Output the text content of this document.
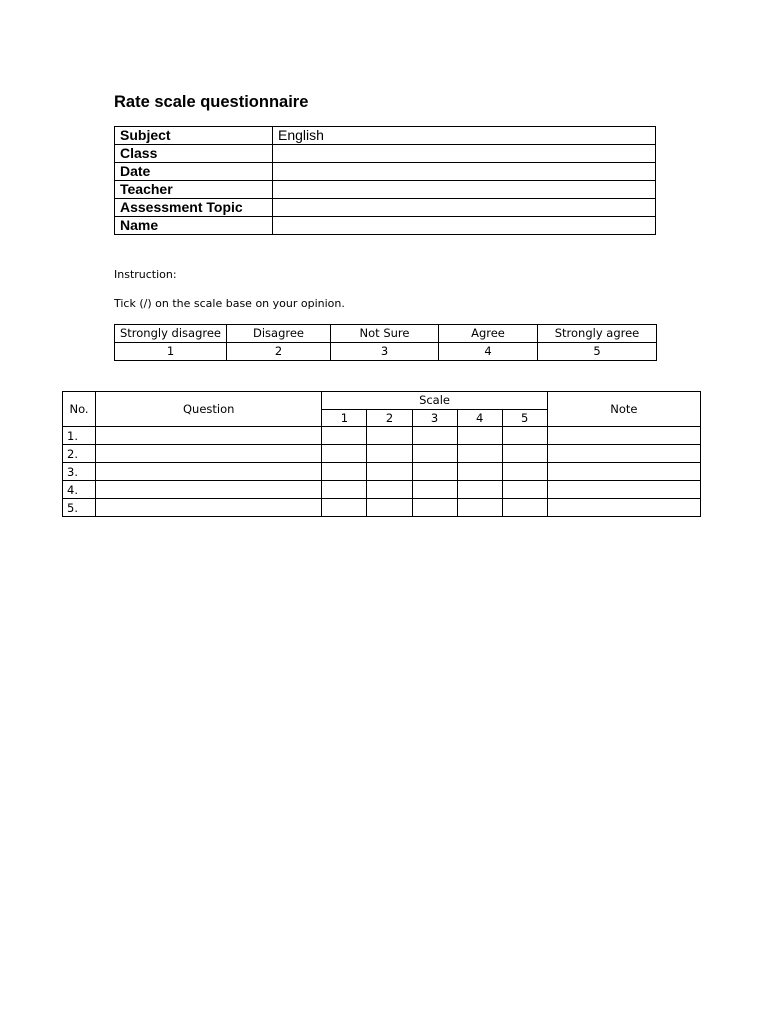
Rate scale questionnaire
Subject	English
Class	
Date	
Teacher	
Assessment Topic	
Name	
Instruction:
Tick (/) on the scale base on your opinion.
Strongly disagree	Disagree	Not Sure	Agree	Strongly agree
1	2	3	4	5
No.	Question	Scale					Note
		1	2	3	4	5	
1.							
2.							
3.							
4.							
5.							
